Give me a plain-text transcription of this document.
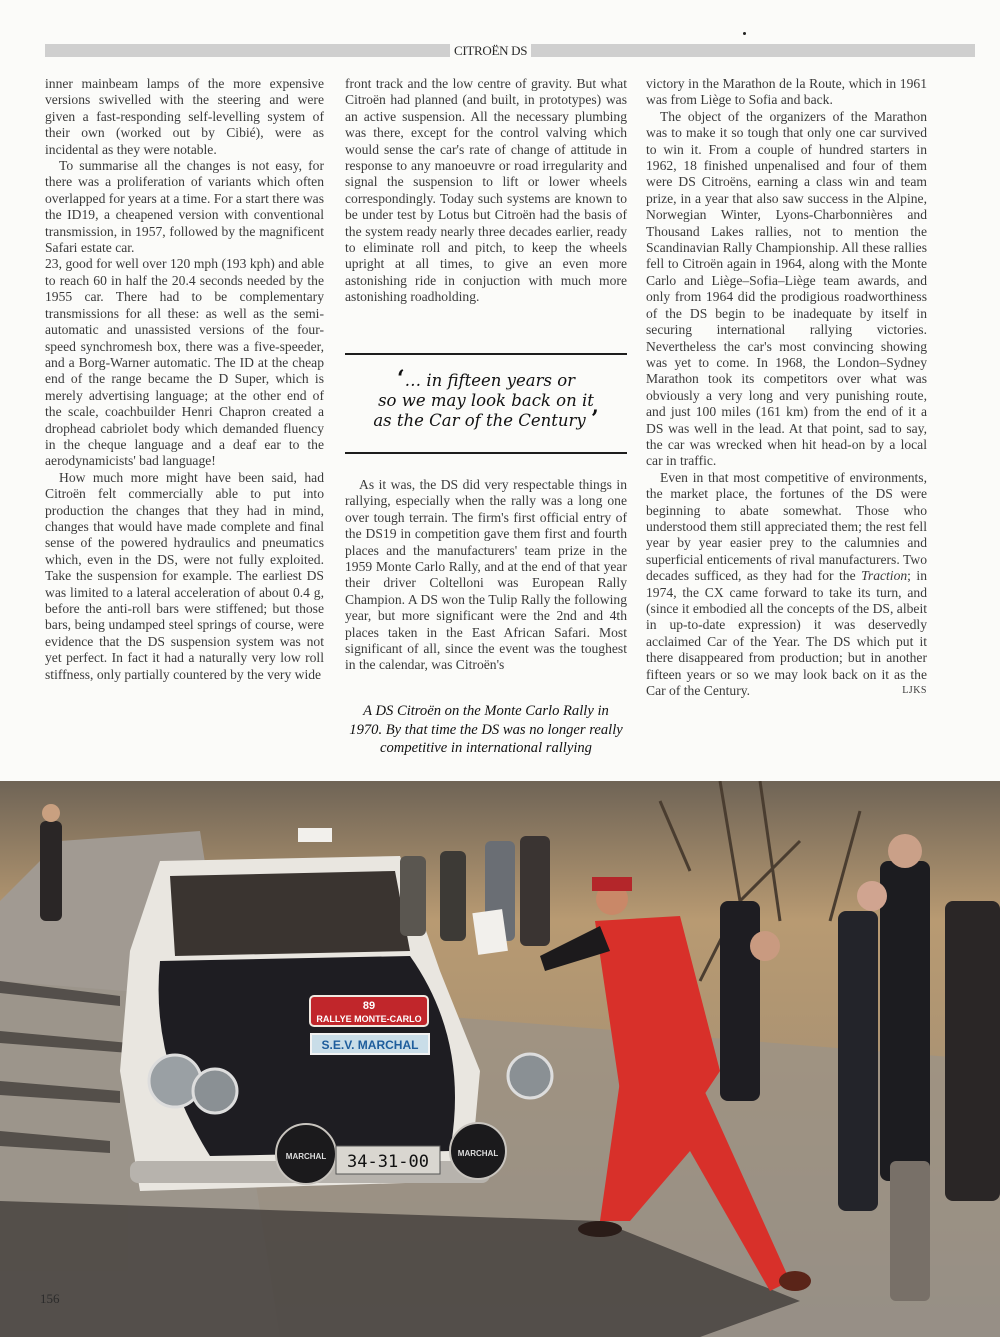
CITROËN DS

inner mainbeam lamps of the more expensive versions swivelled with the steering and were given a fast-responding self-levelling system of their own (worked out by Cibié), were as incidental as they were notable.

To summarise all the changes is not easy, for there was a proliferation of variants which often overlapped for years at a time. For a start there was the ID19, a cheapened version with conventional transmission, in 1957, followed by the magnificent Safari estate car.

23, good for well over 120 mph (193 kph) and able to reach 60 in half the 20.4 seconds needed by the 1955 car. There had to be complementary transmissions for all these: as well as the semi-automatic and unassisted versions of the four-speed synchromesh box, there was a five-speeder, and a Borg-Warner automatic. The ID at the cheap end of the range became the D Super, which is merely advertising language; at the other end of the scale, coachbuilder Henri Chapron created a drophead cabriolet body which demanded fluency in the cheque language and a deaf ear to the aerodynamicists' bad language!

How much more might have been said, had Citroën felt commercially able to put into production the changes that they had in mind, changes that would have made complete and final sense of the powered hydraulics and pneumatics which, even in the DS, were not fully exploited. Take the suspension for example. The earliest DS was limited to a lateral acceleration of about 0.4 g, before the anti-roll bars were stiffened; but those bars, being undamped steel springs of course, were evidence that the DS suspension system was not yet perfect. In fact it had a naturally very low roll stiffness, only partially countered by the very wide

front track and the low centre of gravity. But what Citroën had planned (and built, in prototypes) was an active suspension. All the necessary plumbing was there, except for the control valving which would sense the car's rate of change of attitude in response to any manoeuvre or road irregularity and signal the suspension to lift or lower wheels correspondingly. Today such systems are known to be under test by Lotus but Citroën had the basis of the system ready nearly three decades earlier, ready to eliminate roll and pitch, to keep the wheels upright at all times, to give an even more astonishing ride in conjuction with much more astonishing roadholding.

‘… in fifteen years or
so we may look back on it
as the Car of the Century ’

As it was, the DS did very respectable things in rallying, especially when the rally was a long one over tough terrain. The firm's first official entry of the DS19 in competition gave them first and fourth places and the manufacturers' team prize in the 1959 Monte Carlo Rally, and at the end of that year their driver Coltelloni was European Rally Champion. A DS won the Tulip Rally the following year, but more significant were the 2nd and 4th places taken in the East African Safari. Most significant of all, since the event was the toughest in the calendar, was Citroën's

A DS Citroën on the Monte Carlo Rally in 1970. By that time the DS was no longer really competitive in international rallying

victory in the Marathon de la Route, which in 1961 was from Liège to Sofia and back.

The object of the organizers of the Marathon was to make it so tough that only one car survived to win it. From a couple of hundred starters in 1962, 18 finished unpenalised and four of them were DS Citroëns, earning a class win and team prize, in a year that also saw success in the Alpine, Norwegian Winter, Lyons-Charbonnières and Thousand Lakes rallies, not to mention the Scandinavian Rally Championship. All these rallies fell to Citroën again in 1964, along with the Monte Carlo and Liège–Sofia–Liège team awards, and only from 1964 did the prodigious roadworthiness of the DS begin to be inadequate by itself in securing international rallying victories. Nevertheless the car's most convincing showing was yet to come. In 1968, the London–Sydney Marathon took its competitors over what was obviously a very long and very punishing route, and just 100 miles (161 km) from the end of it a DS was well in the lead. At that point, sad to say, the car was wrecked when hit head-on by a local car in traffic.

Even in that most competitive of environments, the market place, the fortunes of the DS were beginning to abate somewhat. Those who understood them still appreciated them; the rest fell year by year easier prey to the calumnies and superficial enticements of rival manufacturers. Two decades sufficed, as they had for the Traction; in 1974, the CX came forward to take its turn, and (since it embodied all the concepts of the DS, albeit in up-to-date expression) it was deservedly acclaimed Car of the Year. The DS which put it there disappeared from production; but in another fifteen years or so we may look back on it as the Car of the Century.	LJKS

S.E.V. MARCHAL
89
RALLYE MONTE-CARLO
MARCHAL	MARCHAL
34-31-00
156
